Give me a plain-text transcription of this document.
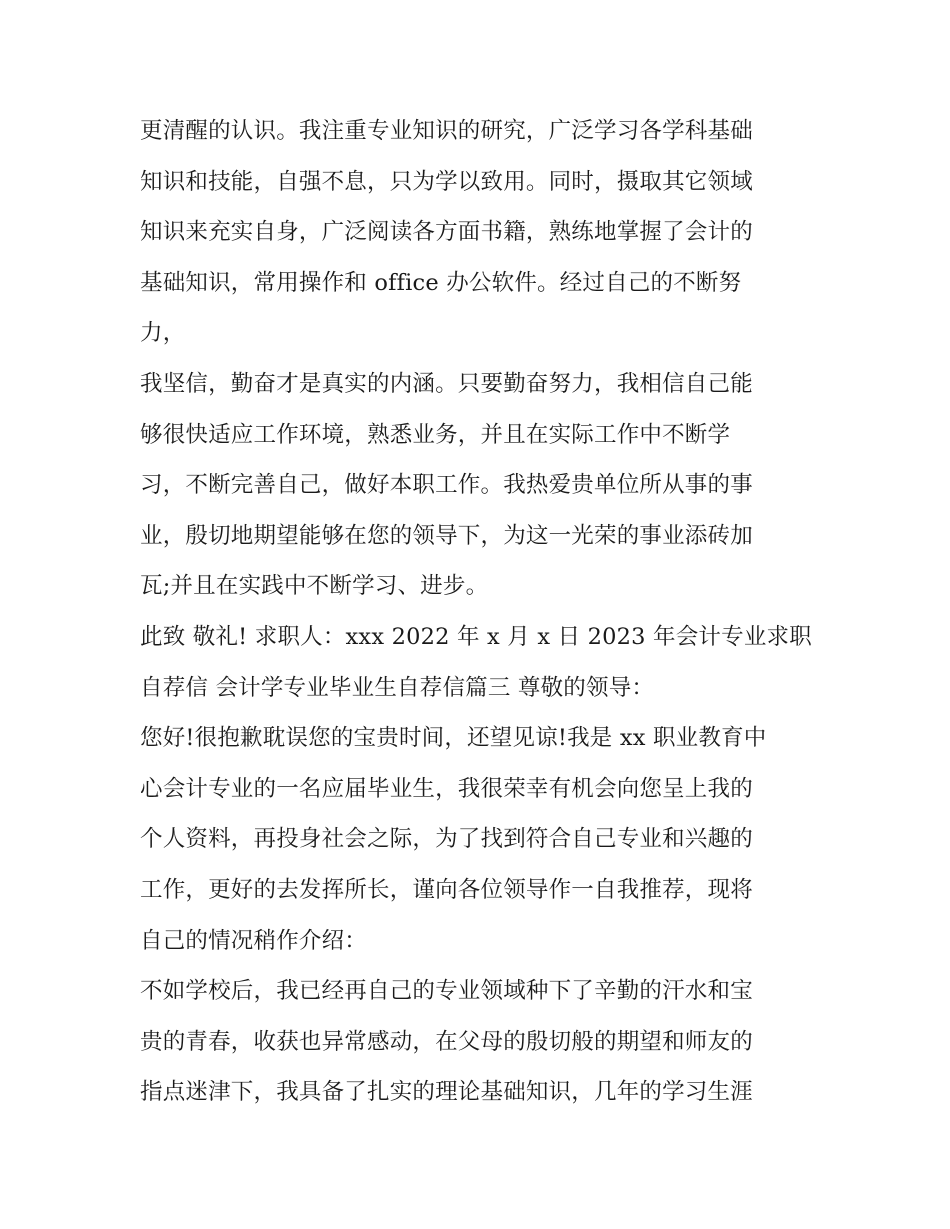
更清醒的认识。我注重专业知识的研究，广泛学习各学科基础
知识和技能，自强不息，只为学以致用。同时，摄取其它领域
知识来充实自身，广泛阅读各方面书籍，熟练地掌握了会计的
基础知识，常用操作和 office 办公软件。经过自己的不断努
力，
我坚信，勤奋才是真实的内涵。只要勤奋努力，我相信自己能
够很快适应工作环境，熟悉业务，并且在实际工作中不断学
习，不断完善自己，做好本职工作。我热爱贵单位所从事的事
业，殷切地期望能够在您的领导下，为这一光荣的事业添砖加
瓦;并且在实践中不断学习、进步。
此致 敬礼! 求职人：xxx 2022 年 x 月 x 日 2023 年会计专业求职
自荐信 会计学专业毕业生自荐信篇三 尊敬的领导：
您好!很抱歉耽误您的宝贵时间，还望见谅!我是 xx 职业教育中
心会计专业的一名应届毕业生，我很荣幸有机会向您呈上我的
个人资料，再投身社会之际，为了找到符合自己专业和兴趣的
工作，更好的去发挥所长，谨向各位领导作一自我推荐，现将
自己的情况稍作介绍：
不如学校后，我已经再自己的专业领域种下了辛勤的汗水和宝
贵的青春，收获也异常感动，在父母的殷切般的期望和师友的
指点迷津下，我具备了扎实的理论基础知识，几年的学习生涯
